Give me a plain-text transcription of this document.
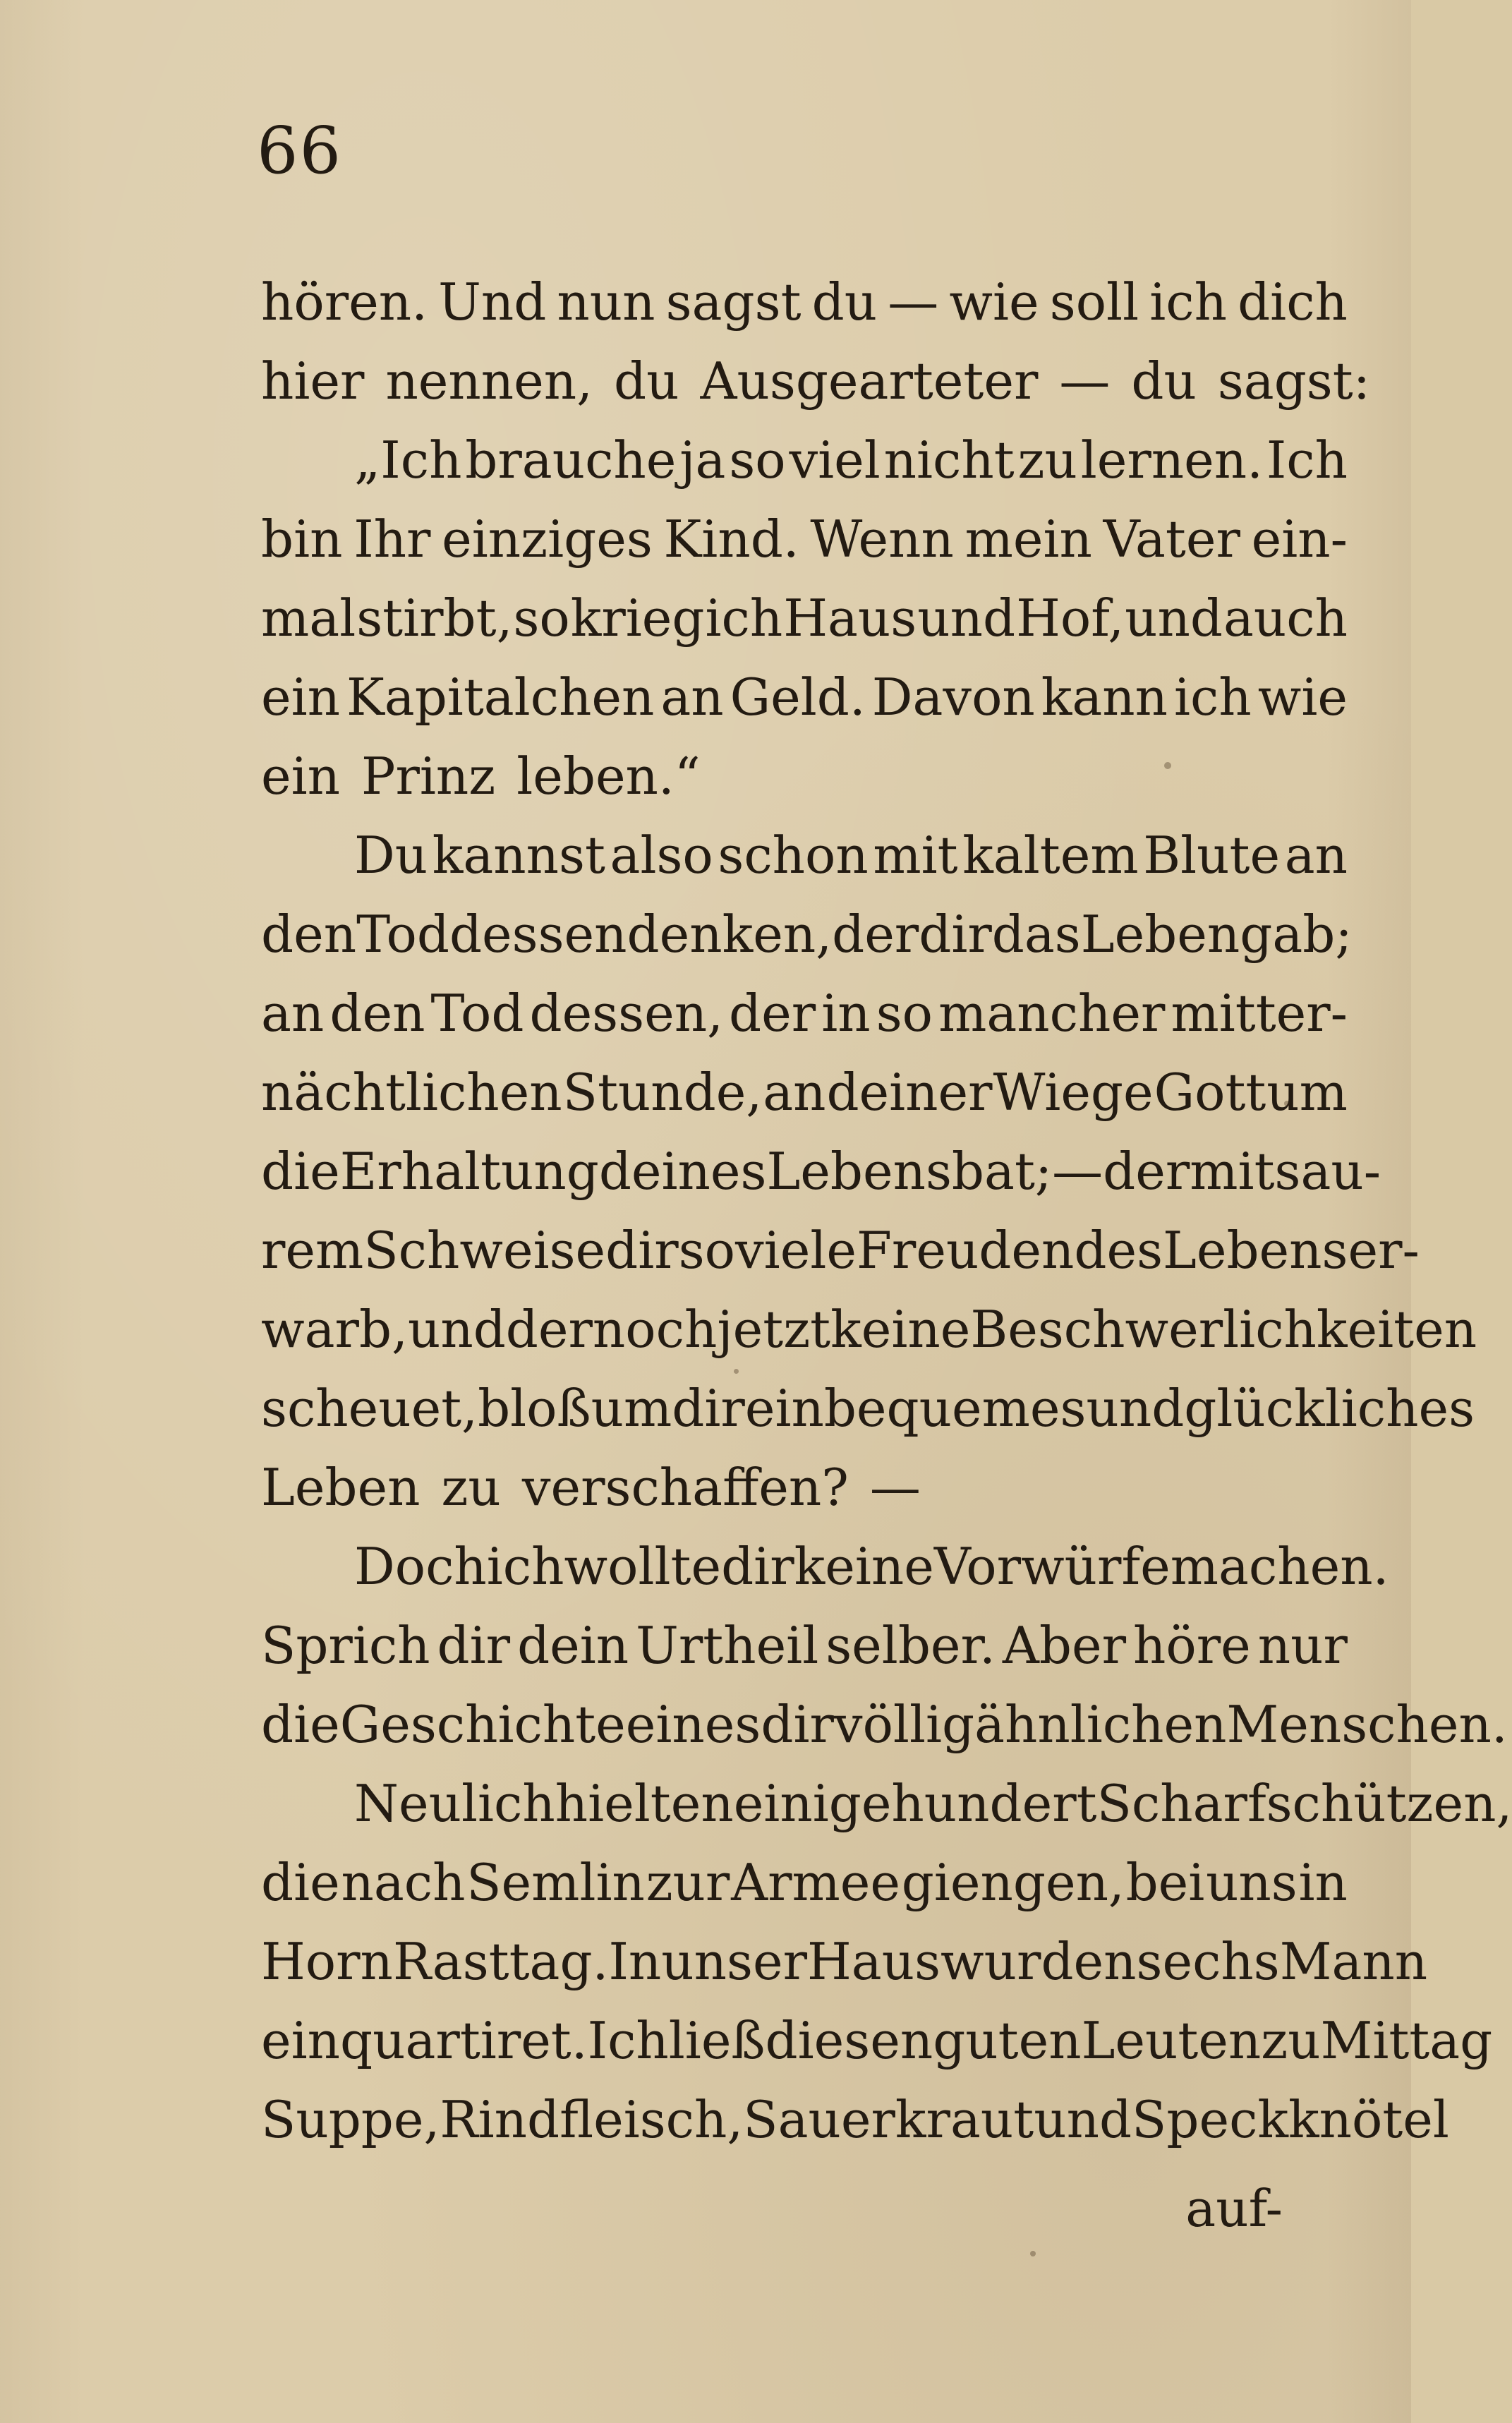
66
hören. Und nun sagst du — wie soll ich dich
hier nennen, du Ausgearteter — du sagst:
„Ich brauche ja so viel nicht zu lernen. Ich
bin Ihr einziges Kind. Wenn mein Vater ein-
mal stirbt, so krieg ich Haus und Hof, und auch
ein Kapitalchen an Geld. Davon kann ich wie
ein Prinz leben.“
Du kannst also schon mit kaltem Blute an
den Tod dessen denken, der dir das Leben gab;
an den Tod dessen, der in so mancher mitter-
nächtlichen Stunde, an deiner Wiege Gott um
die Erhaltung deines Lebens bat; — der mit sau-
rem Schweise dir so viele Freuden des Lebens er-
warb, und der noch jetzt keine Beschwerlichkeiten
scheuet, bloß um dir ein bequemes und glückliches
Leben zu verschaffen? —
Doch ich wollte dir keine Vorwürfe machen.
Sprich dir dein Urtheil selber. Aber höre nur
die Geschichte eines dir völlig ähnlichen Menschen.
Neulich hielten einige hundert Scharfschützen,
die nach Semlin zur Armee giengen, bei uns in
Horn Rasttag. In unser Haus wurden sechs Mann
einquartiret. Ich ließ diesen guten Leuten zu Mittag
Suppe, Rindfleisch, Sauerkraut und Speckknötel
auf-
